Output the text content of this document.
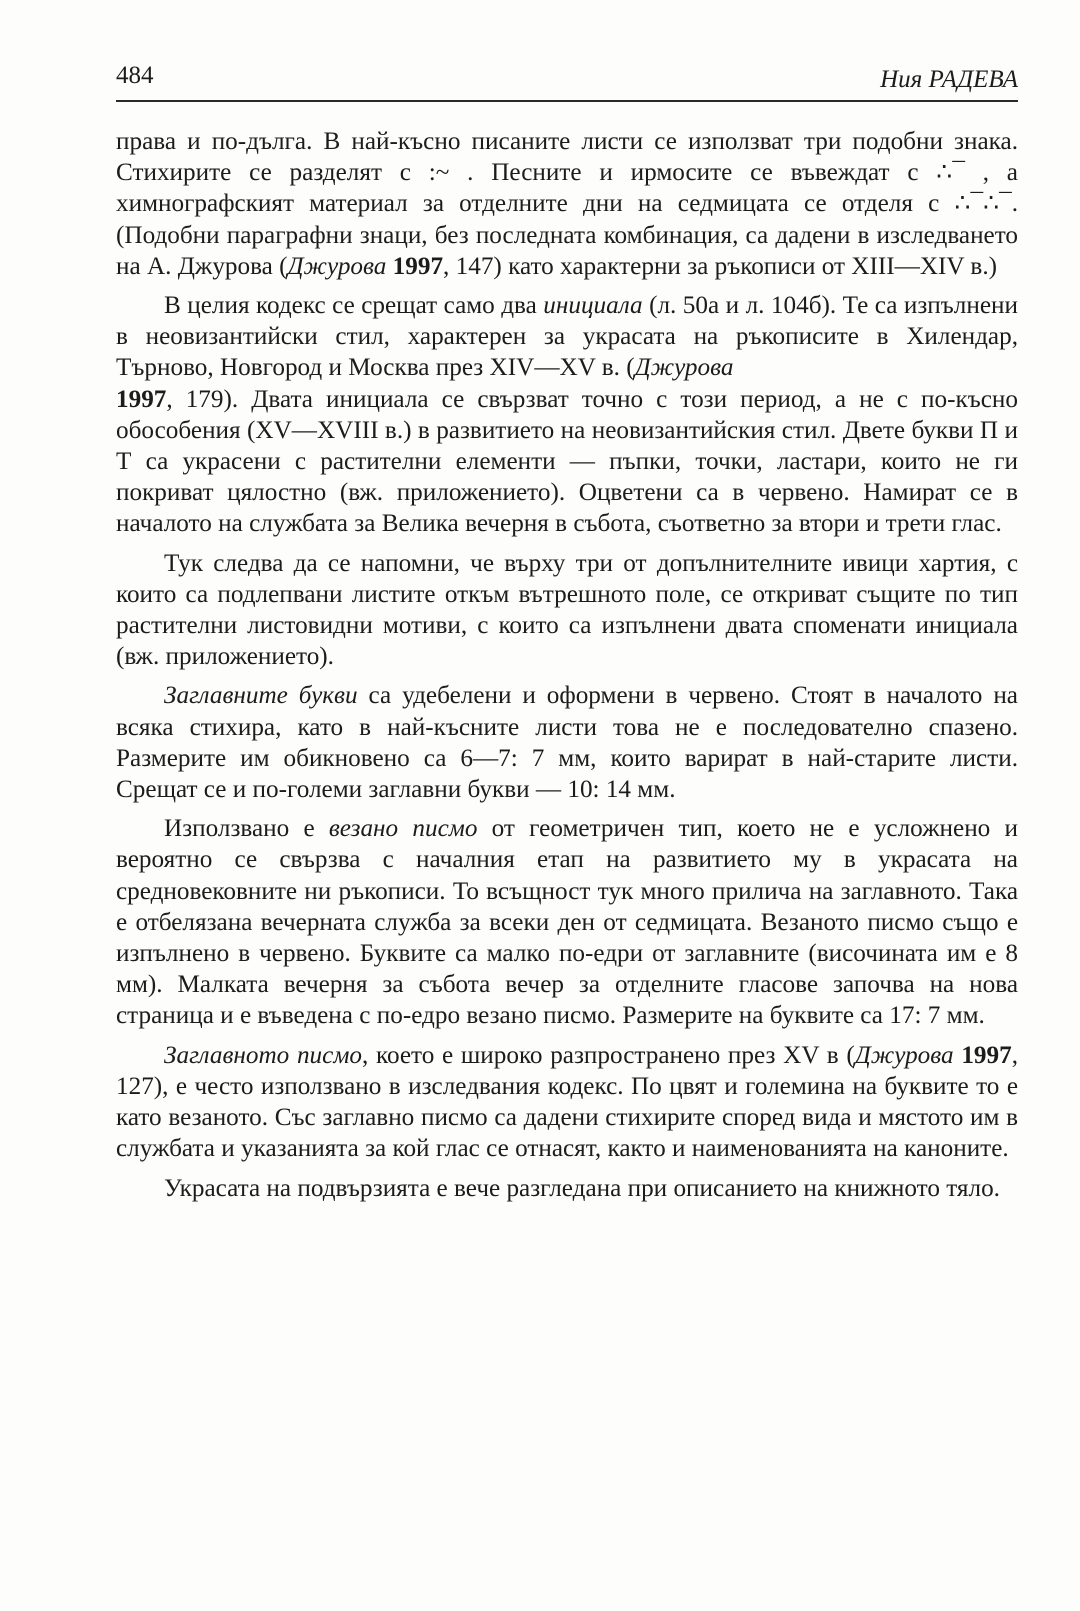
484	Ния РАДЕВА

права и по-дълга. В най-късно писаните листи се използват три подобни знака. Стихирите се разделят с :~ . Песните и ирмосите се въвеждат с ∴¯ , а химнографският материал за отделните дни на седмицата се отделя с ∴¯∴¯. (Подобни параграфни знаци, без последната комбинация, са дадени в изследването на А. Джурова (Джурова 1997, 147) като характерни за ръкописи от XIII—XIV в.)

В целия кодекс се срещат само два инициала (л. 50а и л. 104б). Те са изпълнени в неовизантийски стил, характерен за украсата на ръкописите в Хилендар, Търново, Новгород и Москва през XIV—XV в. (Джурова
1997, 179). Двата инициала се свързват точно с този период, а не с по-късно обособения (XV—XVIII в.) в развитието на неовизантийския стил. Двете букви П и Т са украсени с растителни елементи — пъпки, точки, ластари, които не ги покриват цялостно (вж. приложението). Оцветени са в червено. Намират се в началото на службата за Велика вечерня в събота, съответно за втори и трети глас.

Тук следва да се напомни, че върху три от допълнителните ивици хартия, с които са подлепвани листите откъм вътрешното поле, се откриват същите по тип растителни листовидни мотиви, с които са изпълнени двата споменати инициала (вж. приложението).

Заглавните букви са удебелени и оформени в червено. Стоят в началото на всяка стихира, като в най-късните листи това не е последователно спазено. Размерите им обикновено са 6—7: 7 мм, които варират в най-старите листи. Срещат се и по-големи заглавни букви — 10: 14 мм.

Използвано е везано писмо от геометричен тип, което не е усложнено и вероятно се свързва с началния етап на развитието му в украсата на средновековните ни ръкописи. То всъщност тук много прилича на заглавното. Така е отбелязана вечерната служба за всеки ден от седмицата. Везаното писмо също е изпълнено в червено. Буквите са малко по-едри от заглавните (височината им е 8 мм). Малката вечерня за събота вечер за отделните гласове започва на нова страница и е въведена с по-едро везано писмо. Размерите на буквите са 17: 7 мм.

Заглавното писмо, което е широко разпространено през XV в (Джурова 1997, 127), е често използвано в изследвания кодекс. По цвят и големина на буквите то е като везаното. Със заглавно писмо са дадени стихирите според вида и мястото им в службата и указанията за кой глас се отнасят, както и наименованията на каноните.

Украсата на подвързията е вече разгледана при описанието на книжното тяло.
